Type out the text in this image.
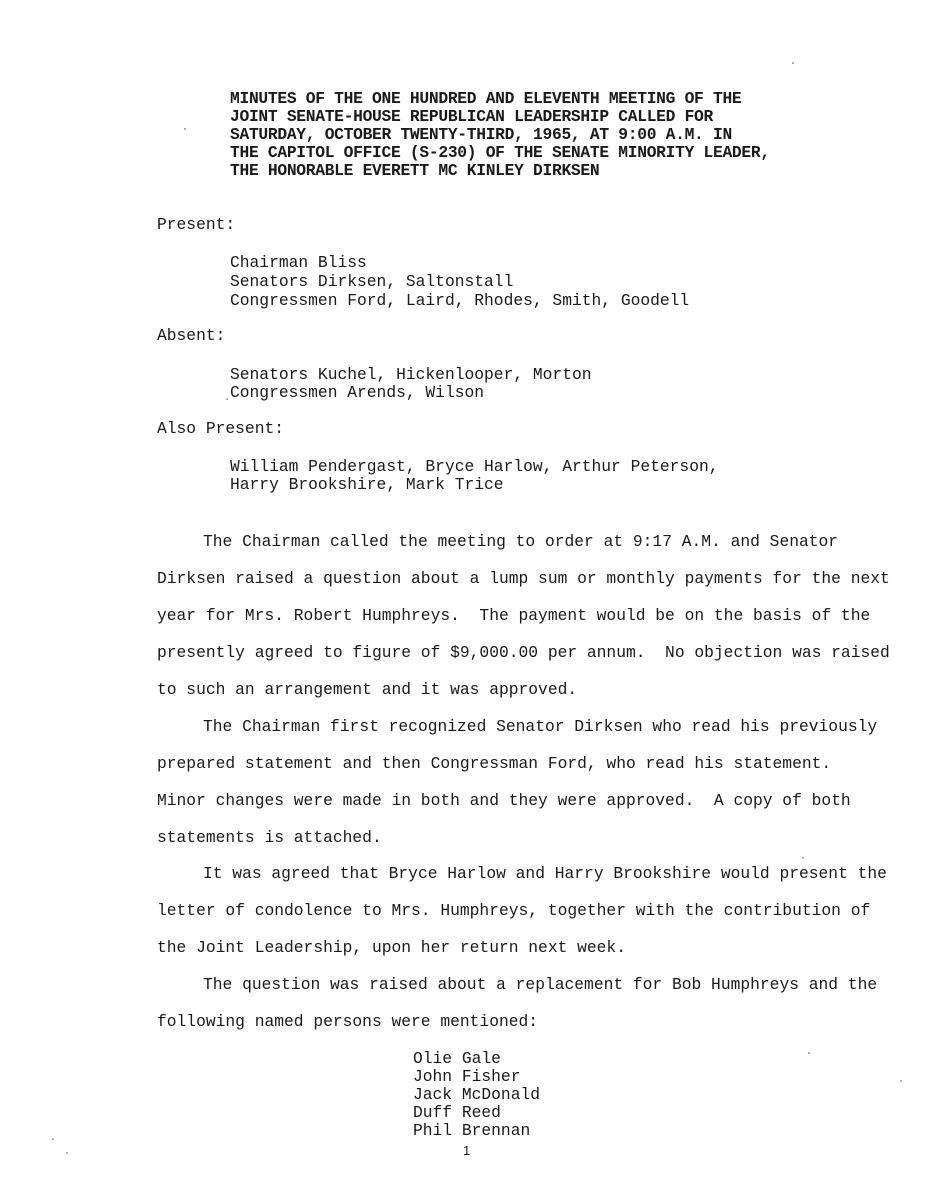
MINUTES OF THE ONE HUNDRED AND ELEVENTH MEETING OF THE
JOINT SENATE-HOUSE REPUBLICAN LEADERSHIP CALLED FOR
SATURDAY, OCTOBER TWENTY-THIRD, 1965, AT 9:00 A.M. IN
THE CAPITOL OFFICE (S-230) OF THE SENATE MINORITY LEADER,
THE HONORABLE EVERETT MC KINLEY DIRKSEN
Present:
Chairman Bliss
Senators Dirksen, Saltonstall
Congressmen Ford, Laird, Rhodes, Smith, Goodell
Absent:
Senators Kuchel, Hickenlooper, Morton
Congressmen Arends, Wilson
Also Present:
William Pendergast, Bryce Harlow, Arthur Peterson,
Harry Brookshire, Mark Trice
The Chairman called the meeting to order at 9:17 A.M. and Senator
Dirksen raised a question about a lump sum or monthly payments for the next
year for Mrs. Robert Humphreys.  The payment would be on the basis of the
presently agreed to figure of $9,000.00 per annum.  No objection was raised
to such an arrangement and it was approved.
The Chairman first recognized Senator Dirksen who read his previously
prepared statement and then Congressman Ford, who read his statement.
Minor changes were made in both and they were approved.  A copy of both
statements is attached.
It was agreed that Bryce Harlow and Harry Brookshire would present the
letter of condolence to Mrs. Humphreys, together with the contribution of
the Joint Leadership, upon her return next week.
The question was raised about a replacement for Bob Humphreys and the
following named persons were mentioned:
Olie Gale
John Fisher
Jack McDonald
Duff Reed
Phil Brennan
1
